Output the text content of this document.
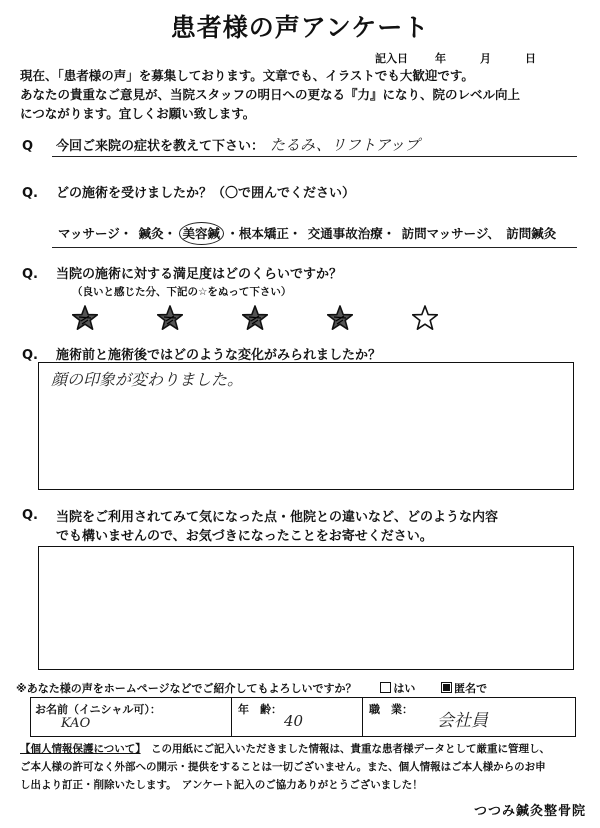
患者様の声アンケート
記入日	年	月	日
現在、「患者様の声」を募集しております。文章でも、イラストでも大歓迎です。
あなたの貴重なご意見が、当院スタッフの明日への更なる『力』になり、院のレベル向上
につながります。宜しくお願い致します。
Q	今回ご来院の症状を教えて下さい： たるみ、リフトアップ
Q.	どの施術を受けましたか？（〇で囲んでください）
マッサージ・ 鍼灸・ 美容鍼 ・根本矯正・ 交通事故治療・ 訪問マッサージ、 訪問鍼灸
Q.	当院の施術に対する満足度はどのくらいですか？
（良いと感じた分、下記の☆をぬって下さい）
Q.	施術前と施術後ではどのような変化がみられましたか？
顔の印象が変わりました。
Q.	当院をご利用されてみて気になった点・他院との違いなど、どのような内容
でも構いませんので、お気づきになったことをお寄せください。
※あなた様の声をホームページなどでご紹介してもよろしいですか？	はい	匿名で
お名前（イニシャル可）：
KAO
年　齢：
40
職　業：
会社員
【個人情報保護について】　この用紙にご記入いただきました情報は、貴重な患者様データとして厳重に管理し、
ご本人様の許可なく外部への開示・提供をすることは一切ございません。また、個人情報はご本人様からのお申
し出より訂正・削除いたします。　アンケート記入のご協力ありがとうございました！
つつみ鍼灸整骨院
